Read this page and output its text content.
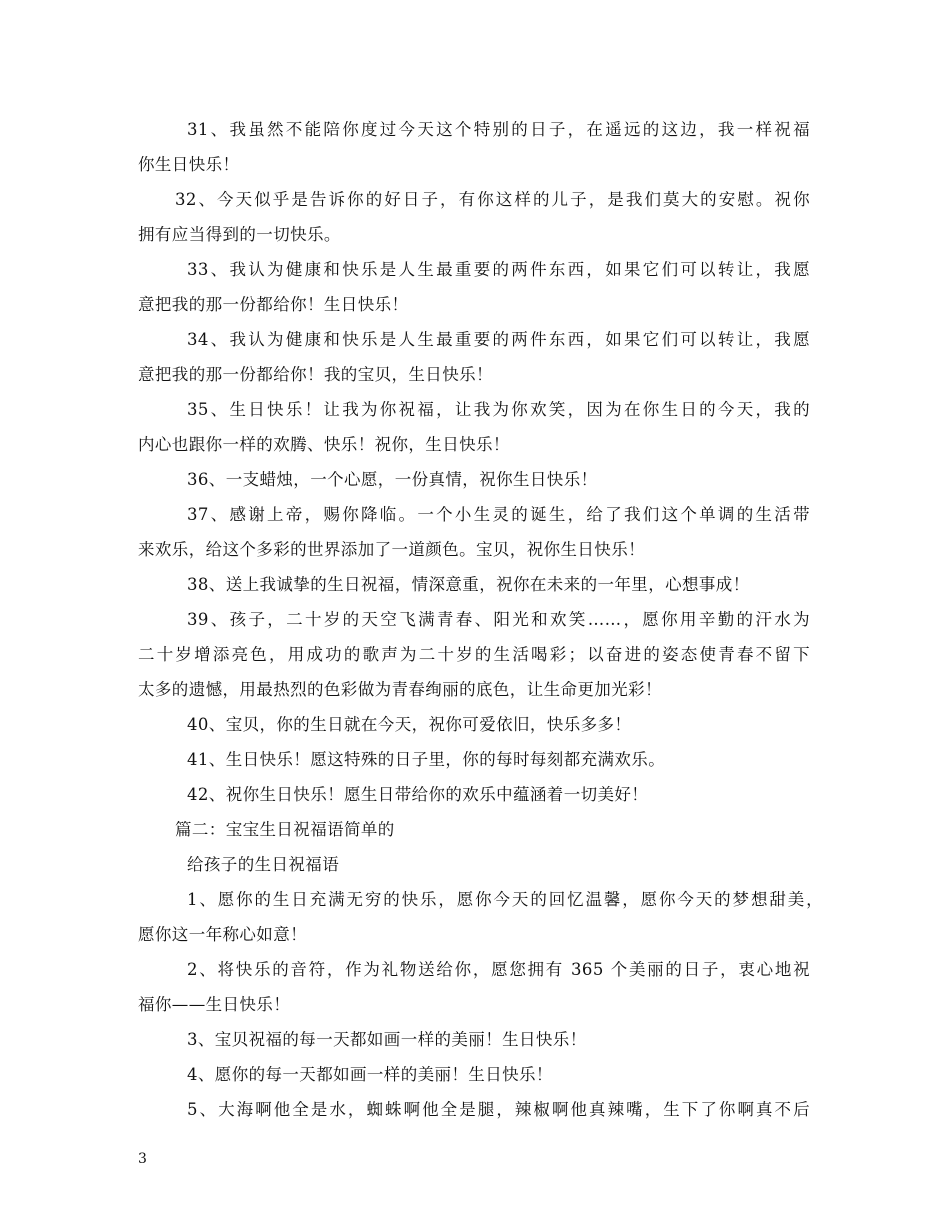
31、我虽然不能陪你度过今天这个特别的日子，在遥远的这边，我一样祝福
你生日快乐！
32、今天似乎是告诉你的好日子，有你这样的儿子，是我们莫大的安慰。祝你
拥有应当得到的一切快乐。
33、我认为健康和快乐是人生最重要的两件东西，如果它们可以转让，我愿
意把我的那一份都给你！生日快乐！
34、我认为健康和快乐是人生最重要的两件东西，如果它们可以转让，我愿
意把我的那一份都给你！我的宝贝，生日快乐！
35、生日快乐！让我为你祝福，让我为你欢笑，因为在你生日的今天，我的
内心也跟你一样的欢腾、快乐！祝你，生日快乐！
36、一支蜡烛，一个心愿，一份真情，祝你生日快乐！
37、感谢上帝，赐你降临。一个小生灵的诞生，给了我们这个单调的生活带
来欢乐，给这个多彩的世界添加了一道颜色。宝贝，祝你生日快乐！
38、送上我诚挚的生日祝福，情深意重，祝你在未来的一年里，心想事成！
39、孩子，二十岁的天空飞满青春、阳光和欢笑……，愿你用辛勤的汗水为
二十岁增添亮色，用成功的歌声为二十岁的生活喝彩；以奋进的姿态使青春不留下
太多的遗憾，用最热烈的色彩做为青春绚丽的底色，让生命更加光彩！
40、宝贝，你的生日就在今天，祝你可爱依旧，快乐多多！
41、生日快乐！愿这特殊的日子里，你的每时每刻都充满欢乐。
42、祝你生日快乐！愿生日带给你的欢乐中蕴涵着一切美好！
篇二：宝宝生日祝福语简单的
给孩子的生日祝福语
1、愿你的生日充满无穷的快乐，愿你今天的回忆温馨，愿你今天的梦想甜美，
愿你这一年称心如意！
2、将快乐的音符，作为礼物送给你，愿您拥有 365 个美丽的日子，衷心地祝
福你——生日快乐！
3、宝贝祝福的每一天都如画一样的美丽！生日快乐！
4、愿你的每一天都如画一样的美丽！生日快乐！
5、大海啊他全是水，蜘蛛啊他全是腿，辣椒啊他真辣嘴，生下了你啊真不后
3
